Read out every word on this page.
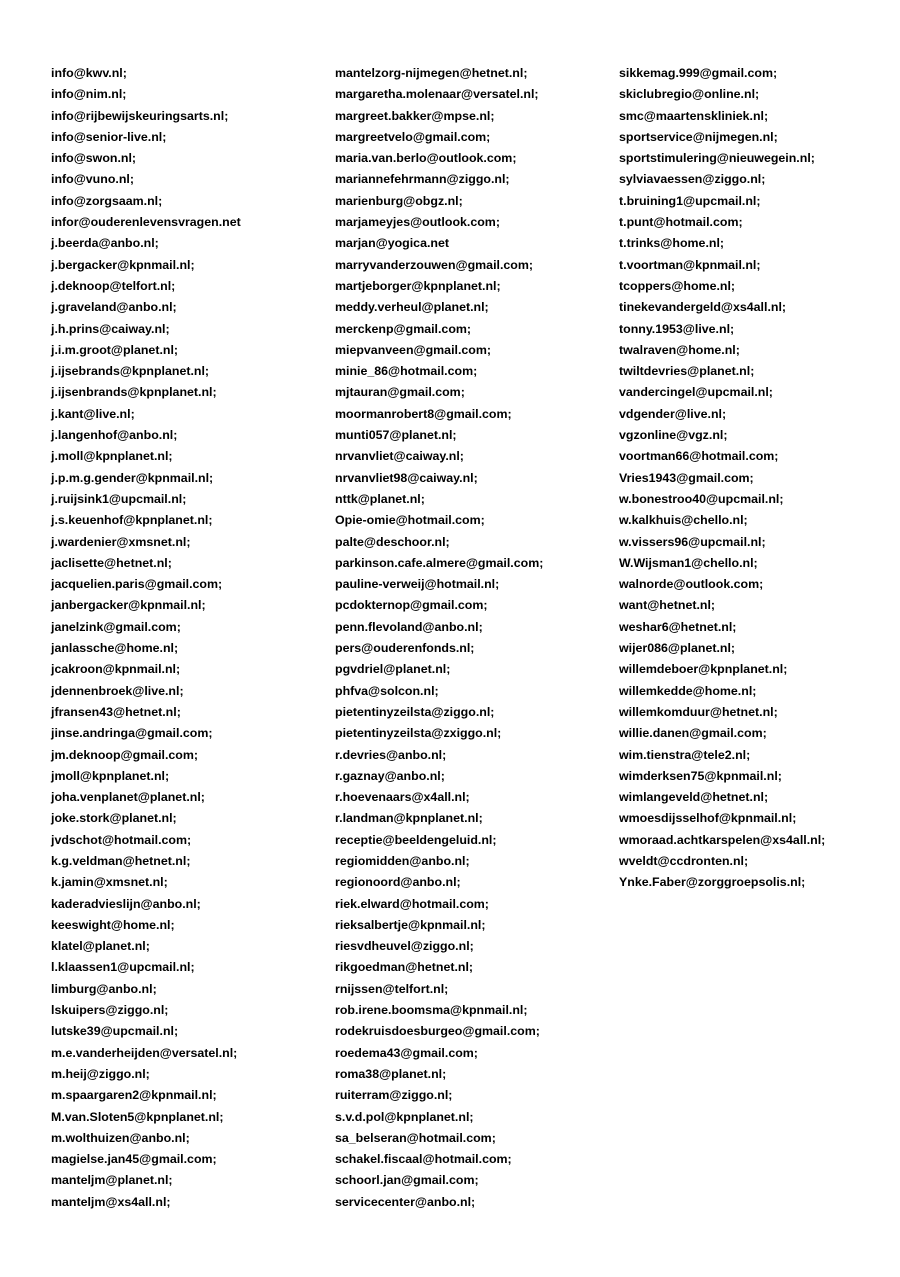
info@kwv.nl;
info@nim.nl;
info@rijbewijskeuringsarts.nl;
info@senior-live.nl;
info@swon.nl;
info@vuno.nl;
info@zorgsaam.nl;
infor@ouderenlevensvragen.net
j.beerda@anbo.nl;
j.bergacker@kpnmail.nl;
j.deknoop@telfort.nl;
j.graveland@anbo.nl;
j.h.prins@caiway.nl;
j.i.m.groot@planet.nl;
j.ijsebrands@kpnplanet.nl;
j.ijsenbrands@kpnplanet.nl;
j.kant@live.nl;
j.langenhof@anbo.nl;
j.moll@kpnplanet.nl;
j.p.m.g.gender@kpnmail.nl;
j.ruijsink1@upcmail.nl;
j.s.keuenhof@kpnplanet.nl;
j.wardenier@xmsnet.nl;
jaclisette@hetnet.nl;
jacquelien.paris@gmail.com;
janbergacker@kpnmail.nl;
janelzink@gmail.com;
janlassche@home.nl;
jcakroon@kpnmail.nl;
jdennenbroek@live.nl;
jfransen43@hetnet.nl;
jinse.andringa@gmail.com;
jm.deknoop@gmail.com;
jmoll@kpnplanet.nl;
joha.venplanet@planet.nl;
joke.stork@planet.nl;
jvdschot@hotmail.com;
k.g.veldman@hetnet.nl;
k.jamin@xmsnet.nl;
kaderadvieslijn@anbo.nl;
keeswight@home.nl;
klatel@planet.nl;
l.klaassen1@upcmail.nl;
limburg@anbo.nl;
lskuipers@ziggo.nl;
lutske39@upcmail.nl;
m.e.vanderheijden@versatel.nl;
m.heij@ziggo.nl;
m.spaargaren2@kpnmail.nl;
M.van.Sloten5@kpnplanet.nl;
m.wolthuizen@anbo.nl;
magielse.jan45@gmail.com;
manteljm@planet.nl;
manteljm@xs4all.nl;
mantelzorg-nijmegen@hetnet.nl;
margaretha.molenaar@versatel.nl;
margreet.bakker@mpse.nl;
margreetvelo@gmail.com;
maria.van.berlo@outlook.com;
mariannefehrmann@ziggo.nl;
marienburg@obgz.nl;
marjameyjes@outlook.com;
marjan@yogica.net
marryvanderzouwen@gmail.com;
martjeborger@kpnplanet.nl;
meddy.verheul@planet.nl;
merckenp@gmail.com;
miepvanveen@gmail.com;
minie_86@hotmail.com;
mjtauran@gmail.com;
moormanrobert8@gmail.com;
munti057@planet.nl;
nrvanvliet@caiway.nl;
nrvanvliet98@caiway.nl;
nttk@planet.nl;
Opie-omie@hotmail.com;
palte@deschoor.nl;
parkinson.cafe.almere@gmail.com;
pauline-verweij@hotmail.nl;
pcdokternop@gmail.com;
penn.flevoland@anbo.nl;
pers@ouderenfonds.nl;
pgvdriel@planet.nl;
phfva@solcon.nl;
pietentinyzeilsta@ziggo.nl;
pietentinyzeilsta@zxiggo.nl;
r.devries@anbo.nl;
r.gaznay@anbo.nl;
r.hoevenaars@x4all.nl;
r.landman@kpnplanet.nl;
receptie@beeldengeluid.nl;
regiomidden@anbo.nl;
regionoord@anbo.nl;
riek.elward@hotmail.com;
rieksalbertje@kpnmail.nl;
riesvdheuvel@ziggo.nl;
rikgoedman@hetnet.nl;
rnijssen@telfort.nl;
rob.irene.boomsma@kpnmail.nl;
rodekruisdoesburgeo@gmail.com;
roedema43@gmail.com;
roma38@planet.nl;
ruiterram@ziggo.nl;
s.v.d.pol@kpnplanet.nl;
sa_belseran@hotmail.com;
schakel.fiscaal@hotmail.com;
schoorl.jan@gmail.com;
servicecenter@anbo.nl;
sikkemag.999@gmail.com;
skiclubregio@online.nl;
smc@maartenskliniek.nl;
sportservice@nijmegen.nl;
sportstimulering@nieuwegein.nl;
sylviavaessen@ziggo.nl;
t.bruining1@upcmail.nl;
t.punt@hotmail.com;
t.trinks@home.nl;
t.voortman@kpnmail.nl;
tcoppers@home.nl;
tinekevandergeld@xs4all.nl;
tonny.1953@live.nl;
twalraven@home.nl;
twiltdevries@planet.nl;
vandercingel@upcmail.nl;
vdgender@live.nl;
vgzonline@vgz.nl;
voortman66@hotmail.com;
Vries1943@gmail.com;
w.bonestroo40@upcmail.nl;
w.kalkhuis@chello.nl;
w.vissers96@upcmail.nl;
W.Wijsman1@chello.nl;
walnorde@outlook.com;
want@hetnet.nl;
weshar6@hetnet.nl;
wijer086@planet.nl;
willemdeboer@kpnplanet.nl;
willemkedde@home.nl;
willemkomduur@hetnet.nl;
willie.danen@gmail.com;
wim.tienstra@tele2.nl;
wimderksen75@kpnmail.nl;
wimlangeveld@hetnet.nl;
wmoesdijsselhof@kpnmail.nl;
wmoraad.achtkarspelen@xs4all.nl;
wveldt@ccdronten.nl;
Ynke.Faber@zorggroepsolis.nl;
